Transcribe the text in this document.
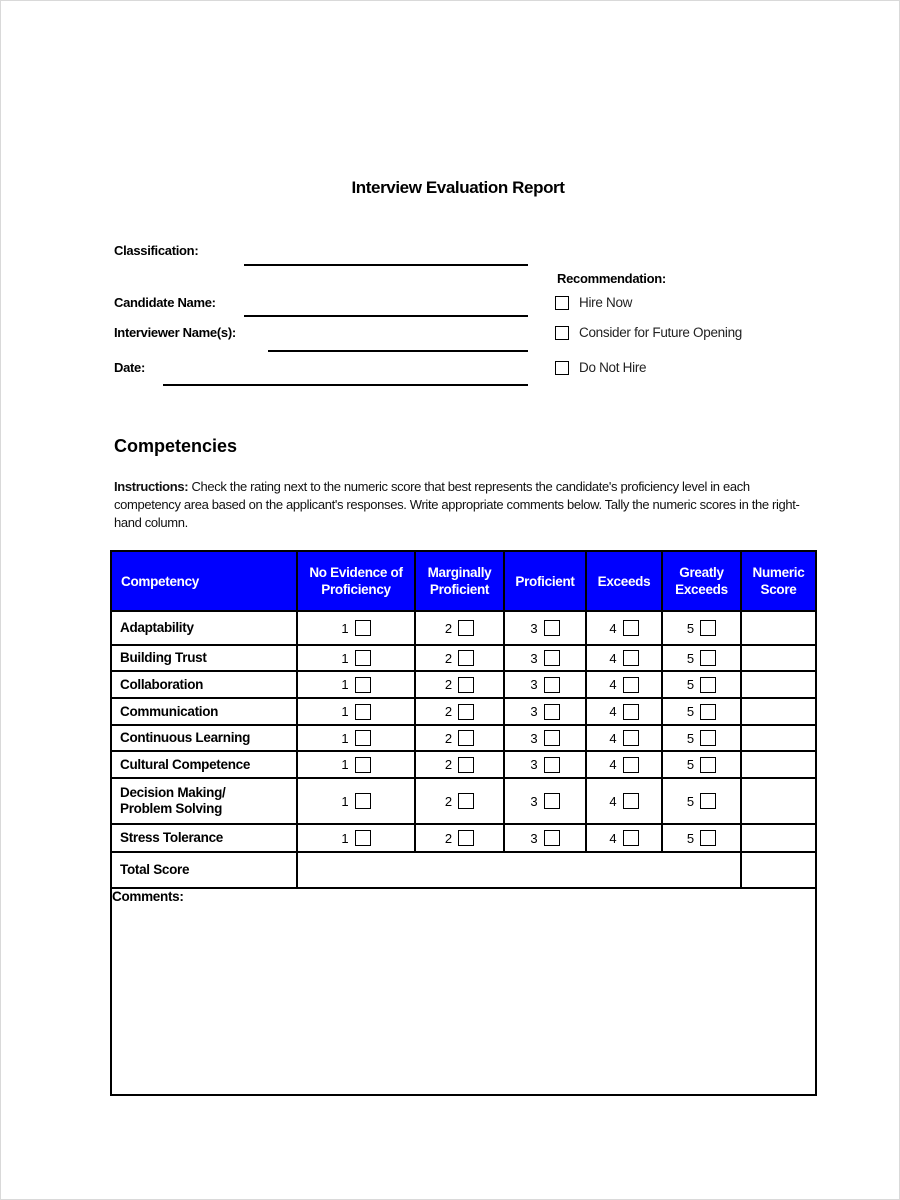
Interview Evaluation Report
Classification:
Candidate Name:
Interviewer Name(s):
Date:
Recommendation:
Hire Now
Consider for Future Opening
Do Not Hire
Competencies
Instructions: Check the rating next to the numeric score that best represents the candidate's proficiency level in each competency area based on the applicant's responses. Write appropriate comments below. Tally the numeric scores in the right-hand column.
Competency	No Evidence of Proficiency	Marginally Proficient	Proficient	Exceeds	Greatly Exceeds	Numeric Score

Adaptability	1	2	3	4	5	

Building Trust	1	2	3	4	5	

Collaboration	1	2	3	4	5	

Communication	1	2	3	4	5	

Continuous Learning	1	2	3	4	5	

Cultural Competence	1	2	3	4	5	

Decision Making/
Problem Solving	1	2	3	4	5	

Stress Tolerance	1	2	3	4	5	

Total Score						
Comments:						
